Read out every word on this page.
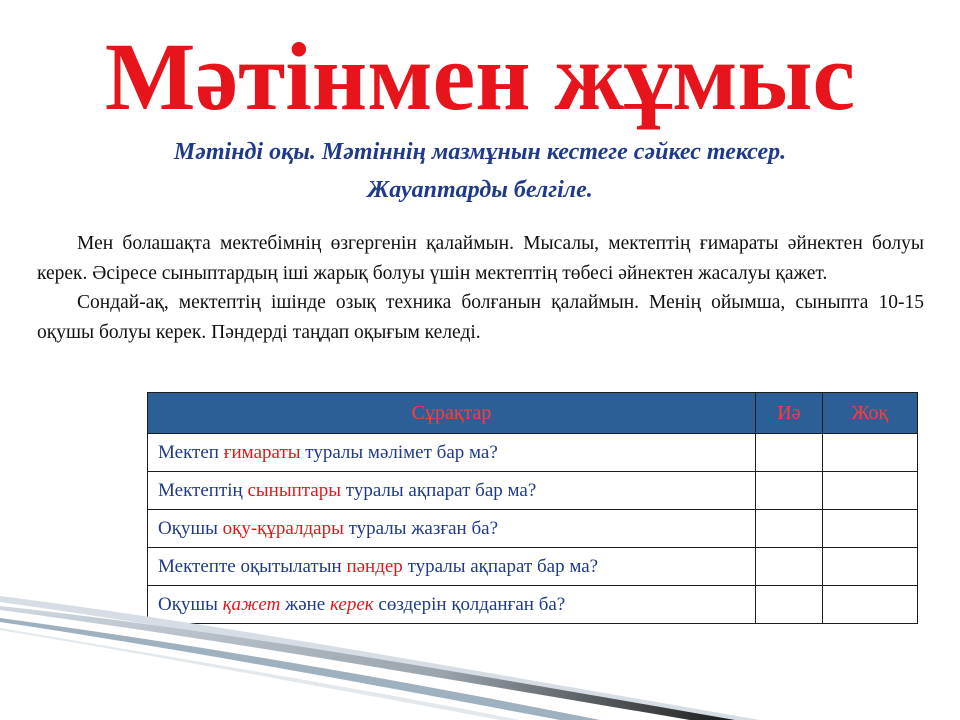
Мәтінмен жұмыс
Мәтінді оқы. Мәтіннің мазмұнын кестеге сәйкес тексер.
Жауаптарды белгіле.

Мен болашақта мектебімнің өзгергенін қалаймын. Мысалы, мектептің ғимараты әйнектен болуы керек. Әсіресе сыныптардың іші жарық болуы үшін мектептің төбесі әйнектен жасалуы қажет.

Сондай-ақ, мектептің ішінде озық техника болғанын қалаймын. Менің ойымша, сыныпта 10-15 оқушы болуы керек. Пәндерді таңдап оқығым келеді.

Сұрақтар	Иә	Жоқ
Мектеп ғимараты туралы мәлімет бар ма?		
Мектептің сыныптары туралы ақпарат бар ма?		
Оқушы оқу-құралдары туралы жазған ба?		
Мектепте оқытылатын пәндер туралы ақпарат бар ма?		
Оқушы қажет және керек сөздерін қолданған ба?		
